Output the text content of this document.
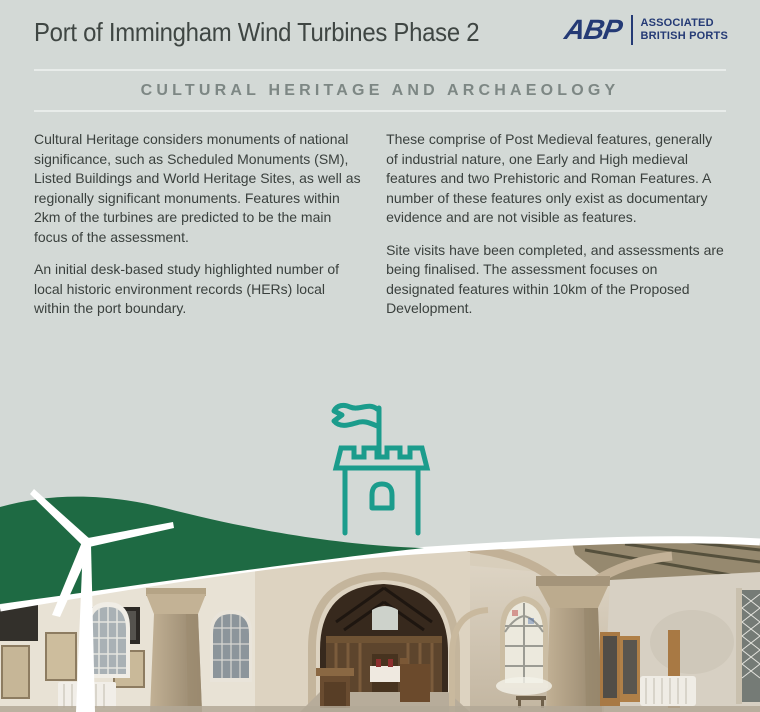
Port of Immingham Wind Turbines Phase 2	ABP ASSOCIATED
BRITISH PORTS
CULTURAL HERITAGE AND ARCHAEOLOGY

Cultural Heritage considers monuments of national significance, such as Scheduled Monuments (SM), Listed Buildings and World Heritage Sites, as well as regionally significant monuments. Features within 2km of the turbines are predicted to be the main focus of the assessment.

An initial desk-based study highlighted number of local historic environment records (HERs) local within the port boundary.

These comprise of Post Medieval features, generally of industrial nature, one Early and High medieval features and two Prehistoric and Roman Features. A number of these features only exist as documentary evidence and are not visible as features.

Site visits have been completed, and assessments are being finalised. The assessment focuses on designated features within 10km of the Proposed Development.
